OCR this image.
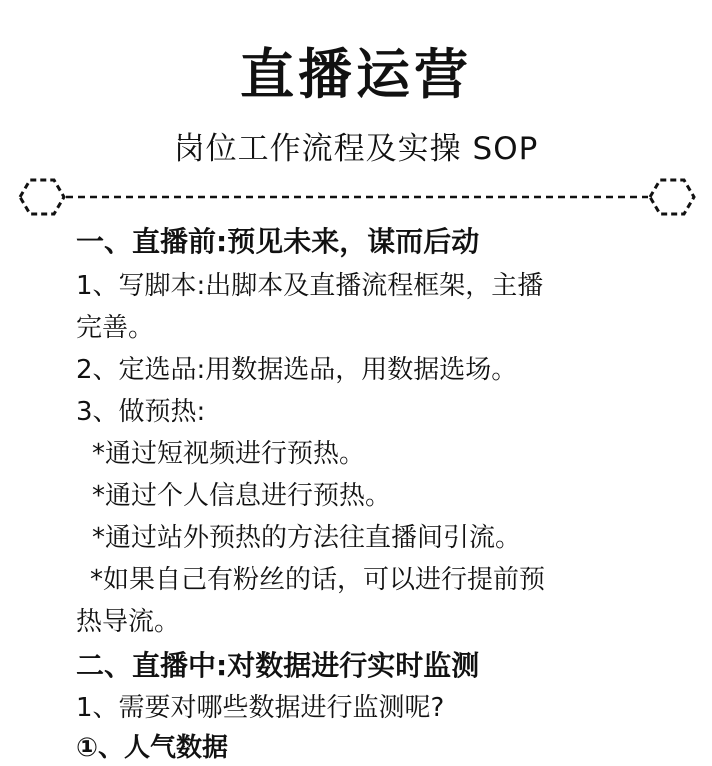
直播运营
岗位工作流程及实操 SOP
一、直播前:预见未来，谋而后动
1、写脚本:出脚本及直播流程框架，主播
完善。
2、定选品:用数据选品，用数据选场。
3、做预热:
*通过短视频进行预热。
*通过个人信息进行预热。
*通过站外预热的方法往直播间引流。
*如果自己有粉丝的话，可以进行提前预
热导流。
二、直播中:对数据进行实时监测
1、需要对哪些数据进行监测呢?
①、人气数据
